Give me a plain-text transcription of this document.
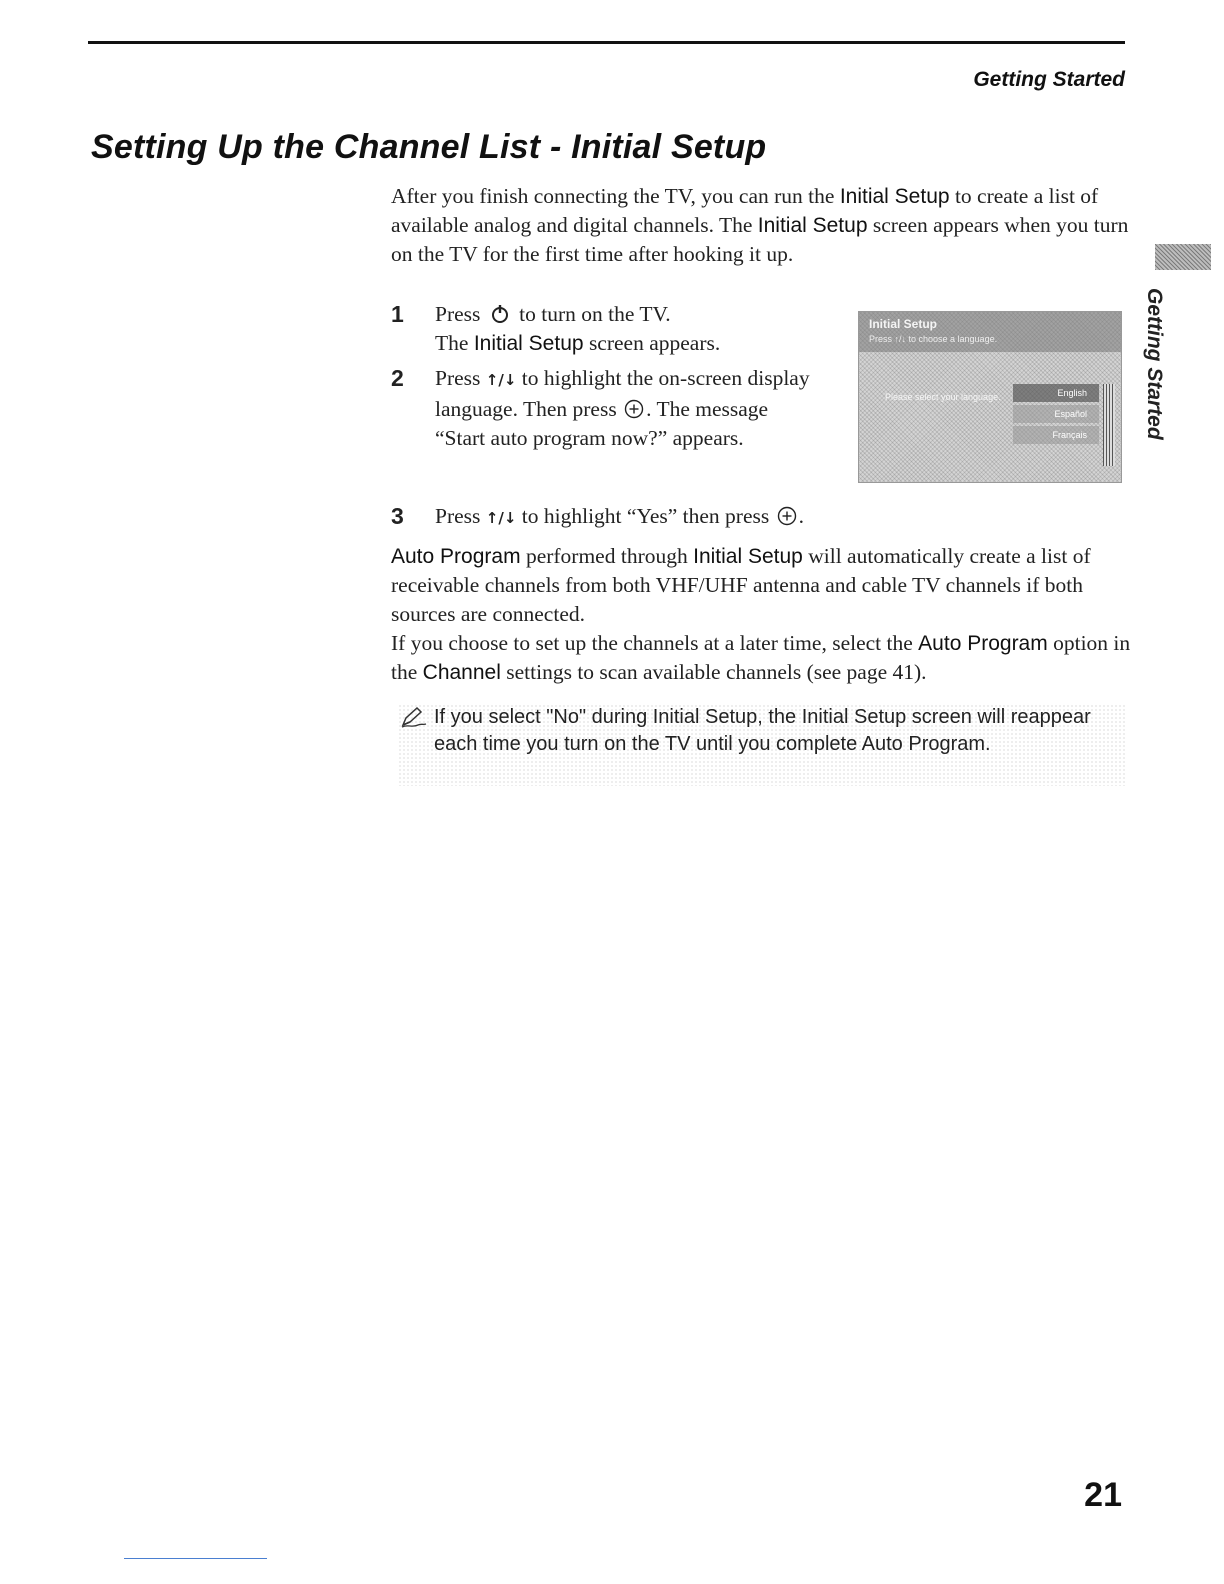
Getting Started
Setting Up the Channel List - Initial Setup

After you finish connecting the TV, you can run the Initial Setup to create a list of available analog and digital channels. The Initial Setup screen appears when you turn on the TV for the first time after hooking it up.

1 Press
to turn on the TV.
The Initial Setup screen appears.
2 Press ↑/↓ to highlight the on-screen display language. Then press . The message “Start auto program now?” appears.
3 Press ↑/↓ to highlight “Yes” then press .
Initial Setup
Press ↑/↓ to choose a language.
Please select your language.	English
Español
Français	Getting Started

Auto Program performed through Initial Setup will automatically create a list of receivable channels from both VHF/UHF antenna and cable TV channels if both sources are connected.

If you choose to set up the channels at a later time, select the Auto Program option in the Channel settings to scan available channels (see page 41).

If you select "No" during Initial Setup, the Initial Setup screen will reappear each time you turn on the TV until you complete Auto Program.
21
